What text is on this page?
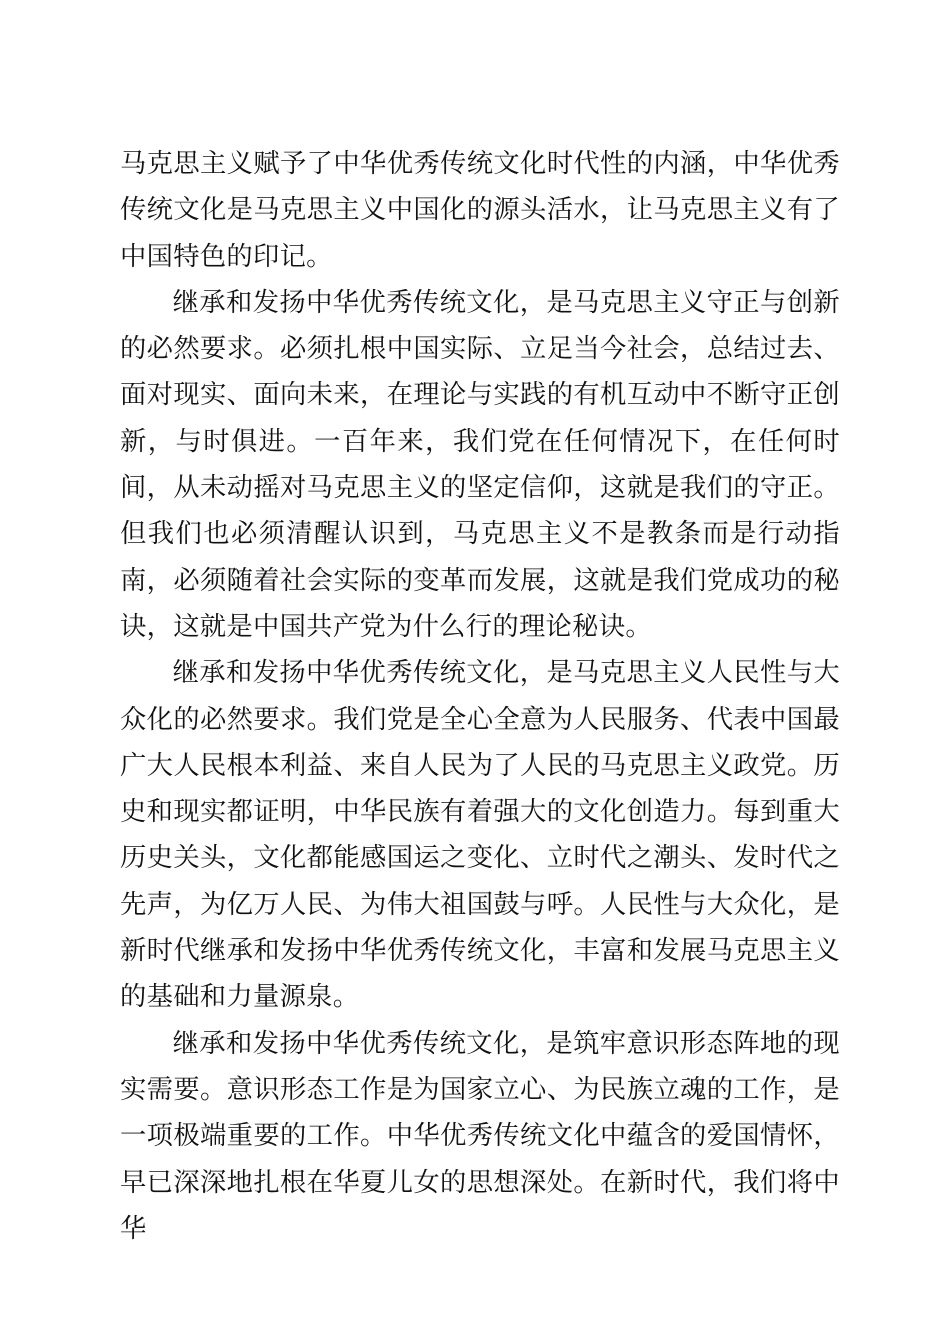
马克思主义赋予了中华优秀传统文化时代性的内涵，中华优秀传统文化是马克思主义中国化的源头活水，让马克思主义有了中国特色的印记。

继承和发扬中华优秀传统文化，是马克思主义守正与创新的必然要求。必须扎根中国实际、立足当今社会，总结过去、面对现实、面向未来，在理论与实践的有机互动中不断守正创新，与时俱进。一百年来，我们党在任何情况下，在任何时间，从未动摇对马克思主义的坚定信仰，这就是我们的守正。但我们也必须清醒认识到，马克思主义不是教条而是行动指南，必须随着社会实际的变革而发展，这就是我们党成功的秘诀，这就是中国共产党为什么行的理论秘诀。

继承和发扬中华优秀传统文化，是马克思主义人民性与大众化的必然要求。我们党是全心全意为人民服务、代表中国最广大人民根本利益、来自人民为了人民的马克思主义政党。历史和现实都证明，中华民族有着强大的文化创造力。每到重大历史关头，文化都能感国运之变化、立时代之潮头、发时代之先声，为亿万人民、为伟大祖国鼓与呼。人民性与大众化，是新时代继承和发扬中华优秀传统文化，丰富和发展马克思主义的基础和力量源泉。

继承和发扬中华优秀传统文化，是筑牢意识形态阵地的现实需要。意识形态工作是为国家立心、为民族立魂的工作，是一项极端重要的工作。中华优秀传统文化中蕴含的爱国情怀，早已深深地扎根在华夏儿女的思想深处。在新时代，我们将中华
